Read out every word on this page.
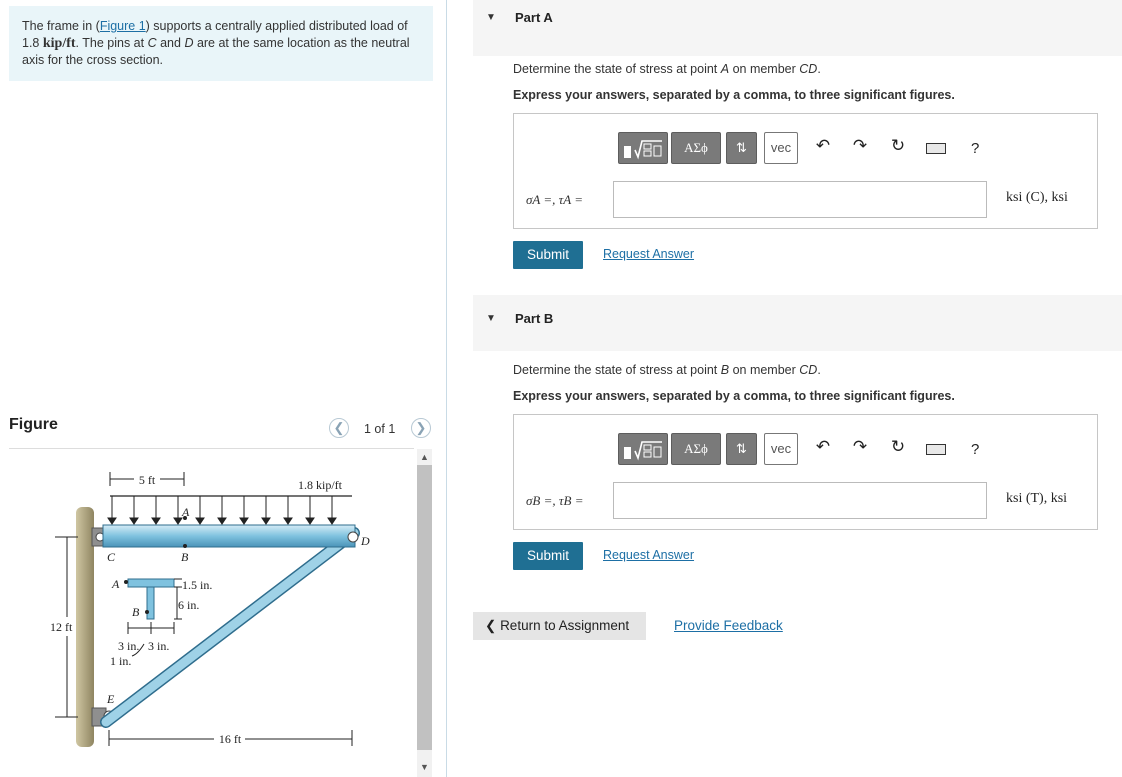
The frame in (Figure 1) supports a centrally applied distributed load of 1.8 kip/ft. The pins at C and D are at the same location as the neutral axis for the cross section.
Figure	❮	1 of 1	❯
▲
▼
5 ft	1.8 kip/ft
A
B
C
D
E
A
B
1.5 in.
6 in.
3 in. 3 in.
1 in.
12 ft
16 ft
▼ Part A
Determine the state of stress at point A on member CD.
Express your answers, separated by a comma, to three significant figures.
ΑΣϕ	⇅	vec	↶ ↷ ↻	?
σA =, τA =	ksi (C), ksi
Submit	Request Answer
▼ Part B
Determine the state of stress at point B on member CD.
Express your answers, separated by a comma, to three significant figures.
ΑΣϕ	⇅	vec	↶ ↷ ↻	?
σB =, τB =	ksi (T), ksi
Submit	Request Answer
❮ Return to Assignment	Provide Feedback
